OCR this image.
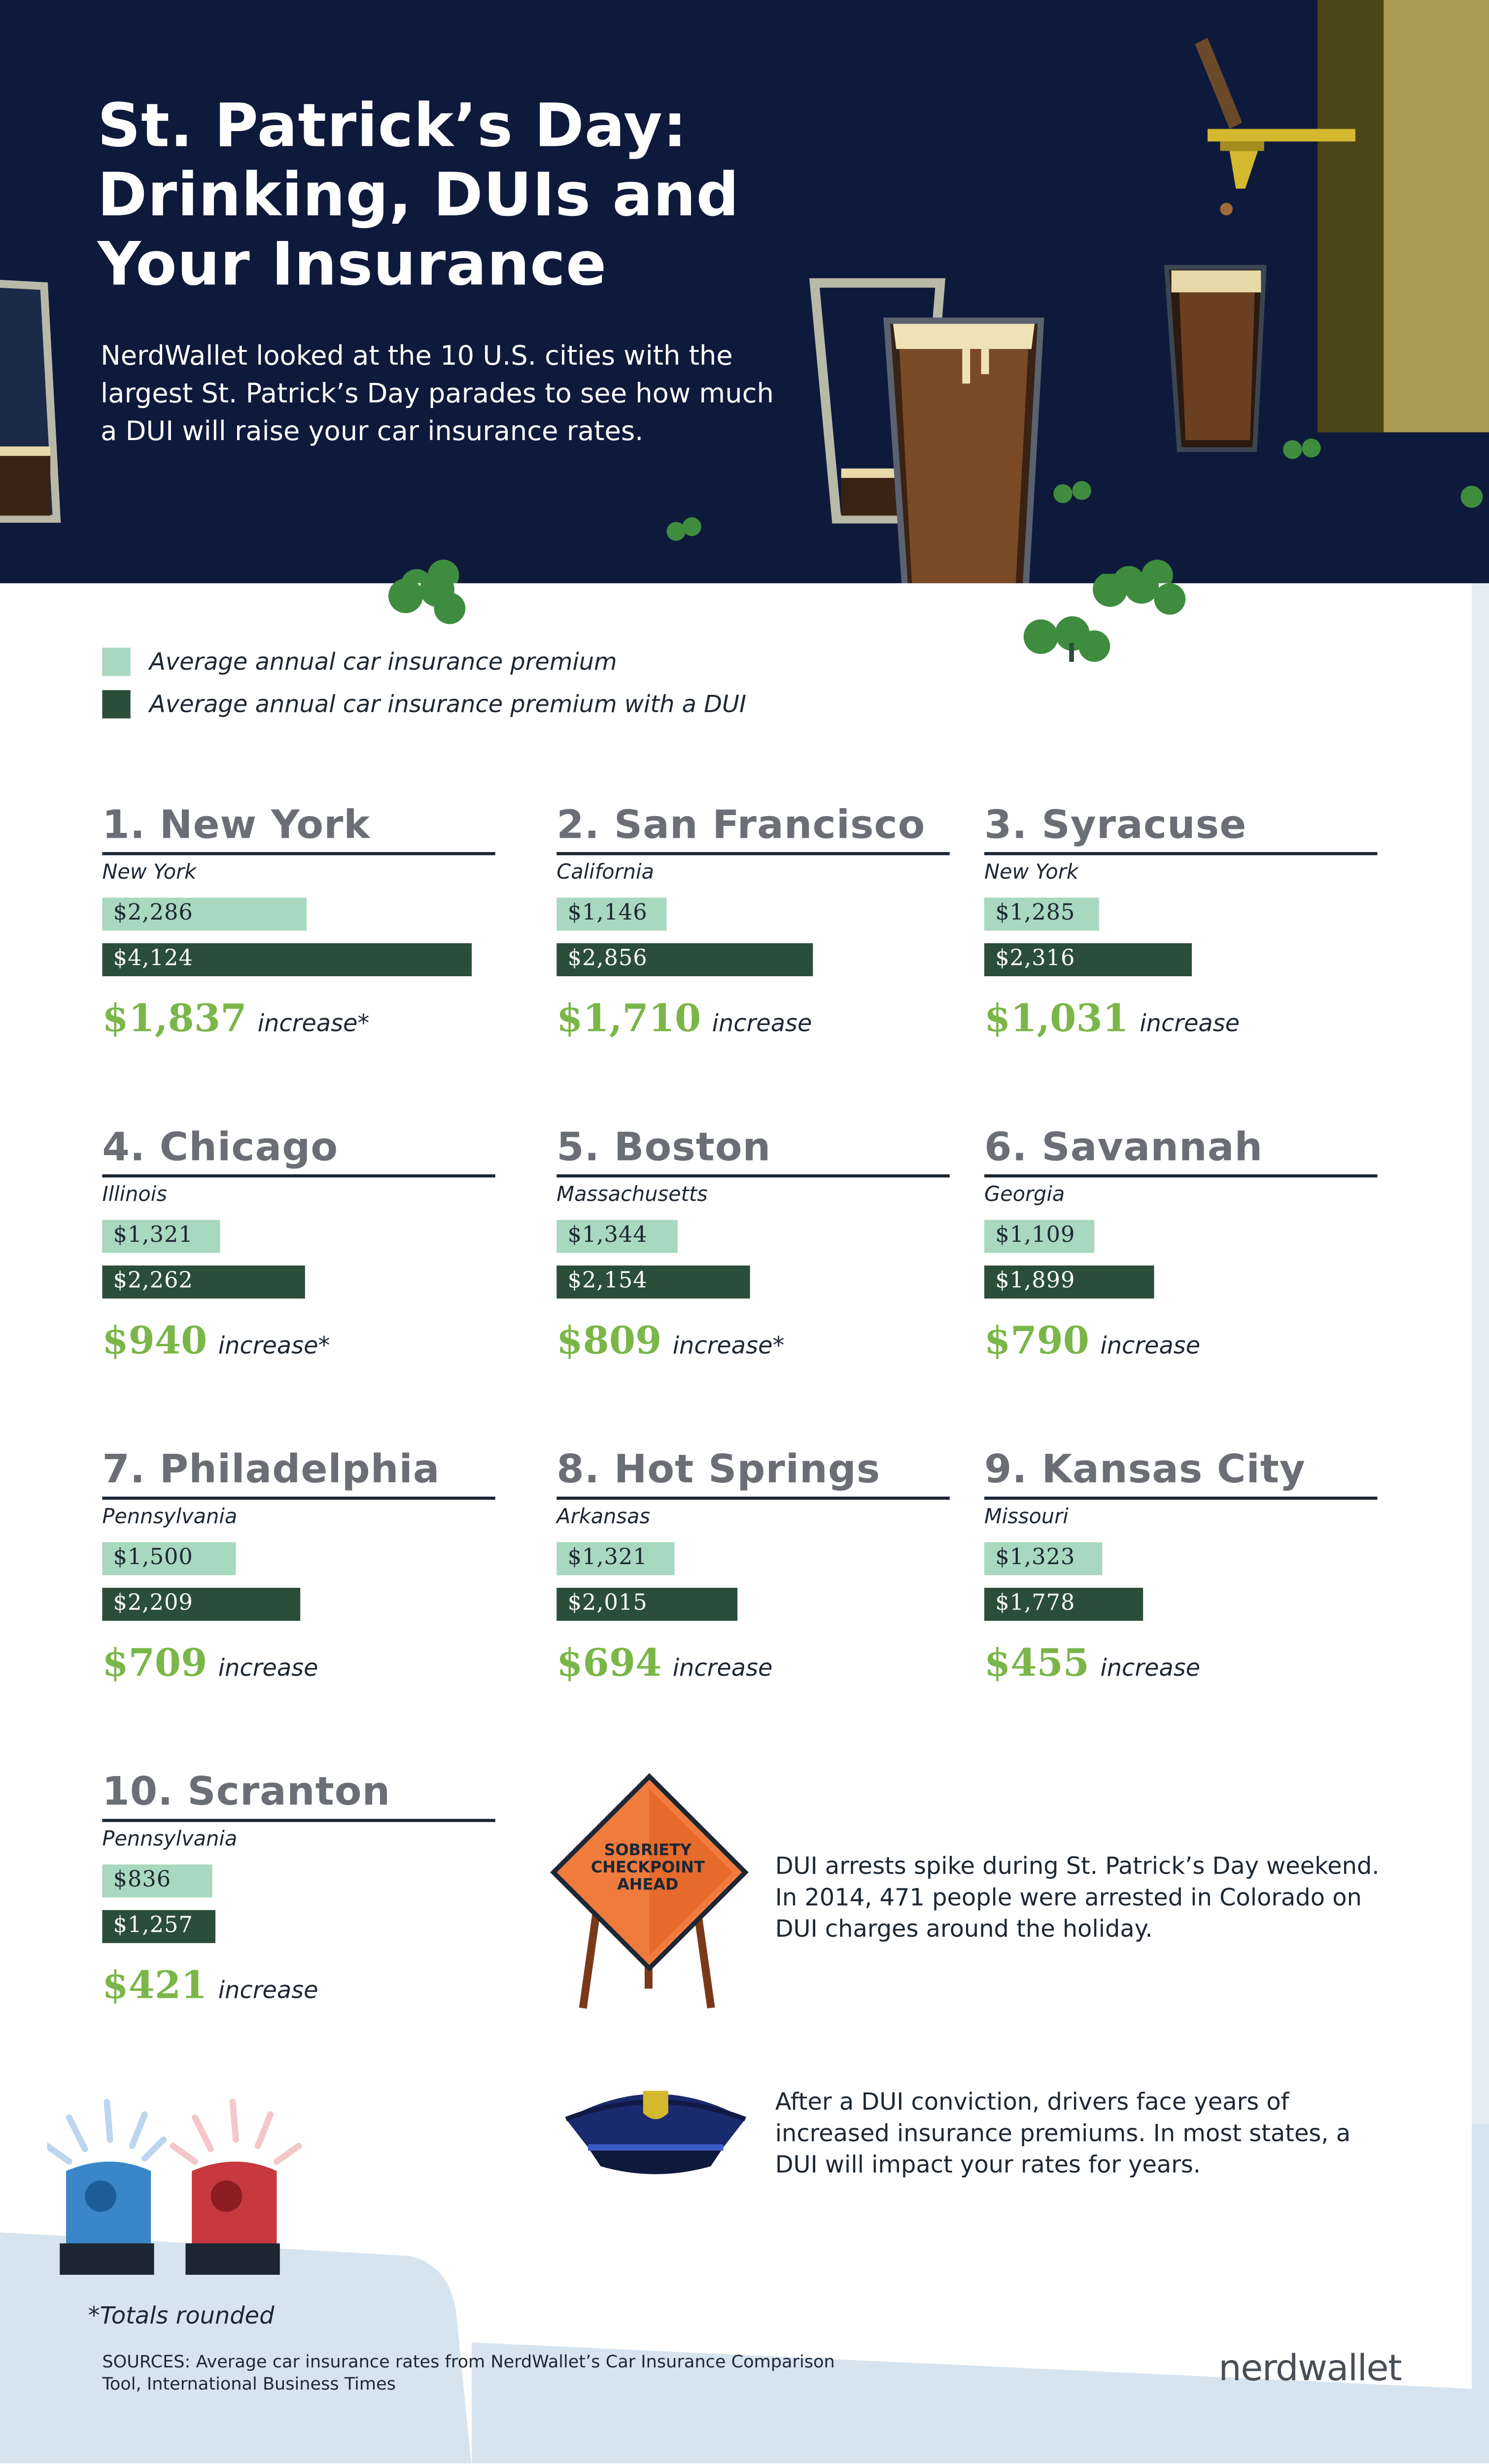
St. Patrick’s Day:
Drinking, DUIs and
Your Insurance
NerdWallet looked at the 10 U.S. cities with the largest St. Patrick’s Day parades to see how much a DUI will raise your car insurance rates.
Average annual car insurance premium
Average annual car insurance premium with a DUI
1. New York
New York
$2,286
$4,124
$1,837 increase*
2. San Francisco
California
$1,146
$2,856
$1,710 increase
3. Syracuse
New York
$1,285
$2,316
$1,031 increase
4. Chicago
Illinois
$1,321
$2,262
$940 increase*
5. Boston
Massachusetts
$1,344
$2,154
$809 increase*
6. Savannah
Georgia
$1,109
$1,899
$790 increase
7. Philadelphia
Pennsylvania
$1,500
$2,209
$709 increase
8. Hot Springs
Arkansas
$1,321
$2,015
$694 increase
9. Kansas City
Missouri
$1,323
$1,778
$455 increase
10. Scranton
Pennsylvania
$836
$1,257
$421 increase
SOBRIETY
CHECKPOINT
AHEAD
DUI arrests spike during St. Patrick’s Day weekend. In 2014, 471 people were arrested in Colorado on DUI charges around the holiday.
After a DUI conviction, drivers face years of increased insurance premiums. In most states, a DUI will impact your rates for years.
*Totals rounded
SOURCES: Average car insurance rates from NerdWallet’s Car Insurance Comparison Tool, International Business Times	nerdwallet
